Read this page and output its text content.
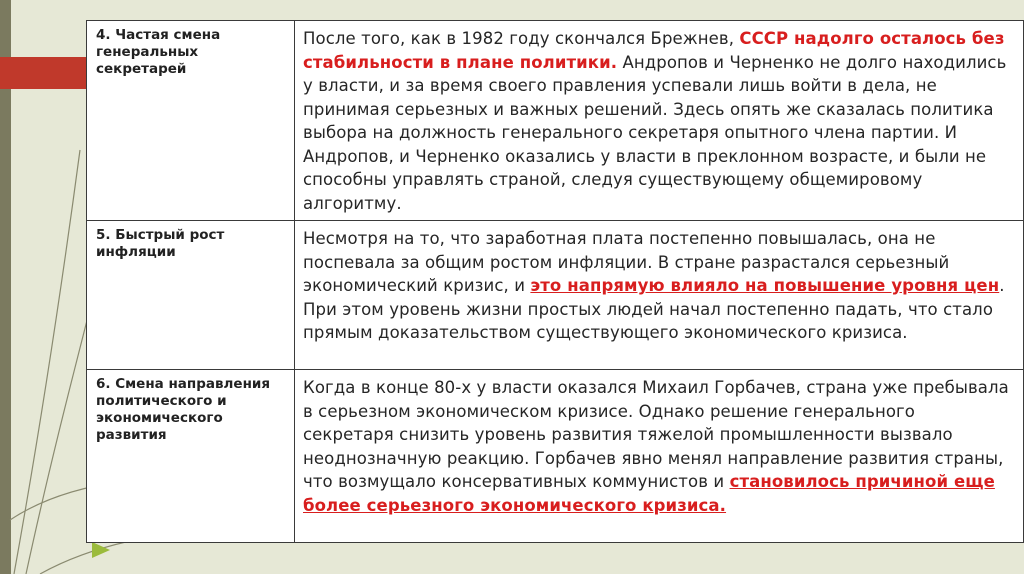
4. Частая смена генеральных секретарей	После того, как в 1982 году скончался Брежнев, СССР надолго осталось без стабильности в плане политики. Андропов и Черненко не долго находились у власти, и за время своего правления успевали лишь войти в дела, не принимая серьезных и важных решений. Здесь опять же сказалась политика выбора на должность генерального секретаря опытного члена партии. И Андропов, и Черненко оказались у власти в преклонном возрасте, и были не способны управлять страной, следуя существующему общемировому алгоритму.
5. Быстрый рост инфляции	Несмотря на то, что заработная плата постепенно повышалась, она не поспевала за общим ростом инфляции. В стране разрастался серьезный экономический кризис, и это напрямую влияло на повышение уровня цен. При этом уровень жизни простых людей начал постепенно падать, что стало прямым доказательством существующего экономического кризиса.
6. Смена направления политического и экономического развития	Когда в конце 80-х у власти оказался Михаил Горбачев, страна уже пребывала в серьезном экономическом кризисе. Однако решение генерального секретаря снизить уровень развития тяжелой промышленности вызвало неоднозначную реакцию. Горбачев явно менял направление развития страны, что возмущало консервативных коммунистов и становилось причиной еще более серьезного экономического кризиса.
